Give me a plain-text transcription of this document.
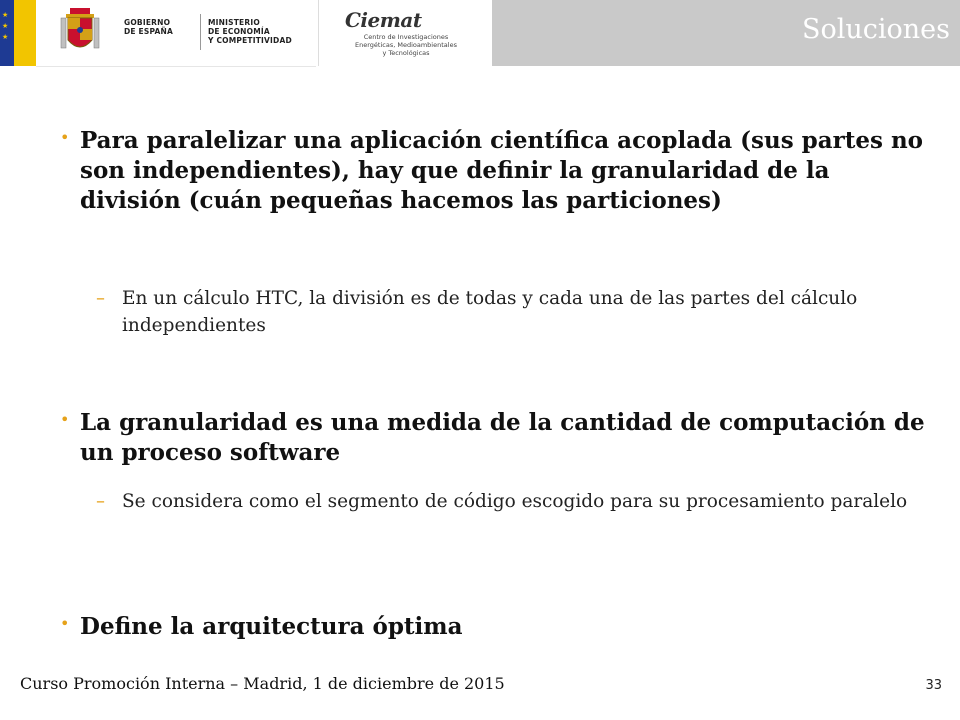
★
★
★
GOBIERNO
DE ESPAÑA
MINISTERIO
DE ECONOMÍA
Y COMPETITIVIDAD
Ciemat
Centro de Investigaciones
Energéticas, Medioambientales
y Tecnológicas
Soluciones
• Para paralelizar una aplicación científica acoplada (sus partes no son independientes), hay que definir la granularidad de la división (cuán pequeñas hacemos las particiones)
– En un cálculo HTC, la división es de todas y cada una de las partes del cálculo independientes
• La granularidad es una medida de la cantidad de computación de un proceso software
– Se considera como el segmento de código escogido para su procesamiento paralelo
• Define la arquitectura óptima
Curso Promoción Interna – Madrid, 1 de diciembre de 2015	33
